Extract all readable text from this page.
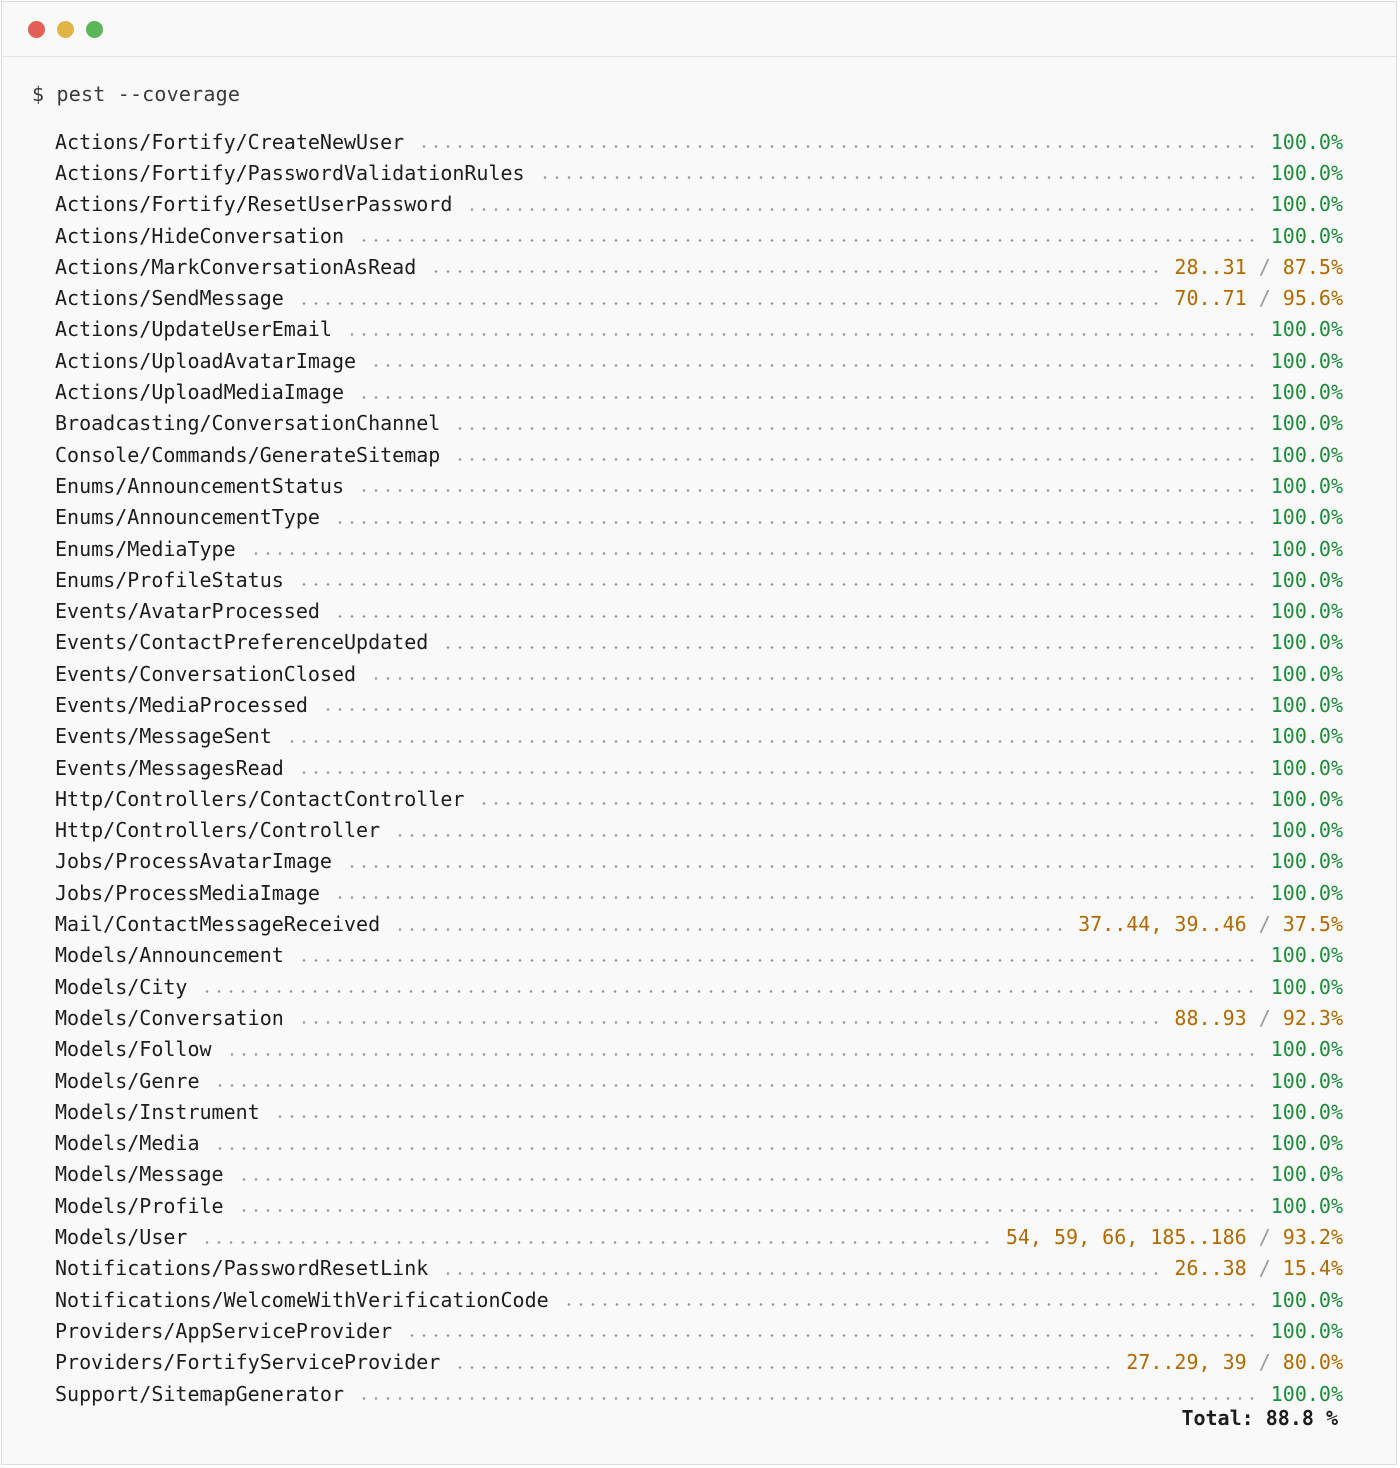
$ pest --coverage
Actions/Fortify/CreateNewUser	100.0%
Actions/Fortify/PasswordValidationRules	100.0%
Actions/Fortify/ResetUserPassword	100.0%
Actions/HideConversation	100.0%
Actions/MarkConversationAsRead	28..31 / 87.5%
Actions/SendMessage	70..71 / 95.6%
Actions/UpdateUserEmail	100.0%
Actions/UploadAvatarImage	100.0%
Actions/UploadMediaImage	100.0%
Broadcasting/ConversationChannel	100.0%
Console/Commands/GenerateSitemap	100.0%
Enums/AnnouncementStatus	100.0%
Enums/AnnouncementType	100.0%
Enums/MediaType	100.0%
Enums/ProfileStatus	100.0%
Events/AvatarProcessed	100.0%
Events/ContactPreferenceUpdated	100.0%
Events/ConversationClosed	100.0%
Events/MediaProcessed	100.0%
Events/MessageSent	100.0%
Events/MessagesRead	100.0%
Http/Controllers/ContactController	100.0%
Http/Controllers/Controller	100.0%
Jobs/ProcessAvatarImage	100.0%
Jobs/ProcessMediaImage	100.0%
Mail/ContactMessageReceived	37..44, 39..46 / 37.5%
Models/Announcement	100.0%
Models/City	100.0%
Models/Conversation	88..93 / 92.3%
Models/Follow	100.0%
Models/Genre	100.0%
Models/Instrument	100.0%
Models/Media	100.0%
Models/Message	100.0%
Models/Profile	100.0%
Models/User	54, 59, 66, 185..186 / 93.2%
Notifications/PasswordResetLink	26..38 / 15.4%
Notifications/WelcomeWithVerificationCode	100.0%
Providers/AppServiceProvider	100.0%
Providers/FortifyServiceProvider	27..29, 39 / 80.0%
Support/SitemapGenerator	100.0%
Total: 88.8 %
